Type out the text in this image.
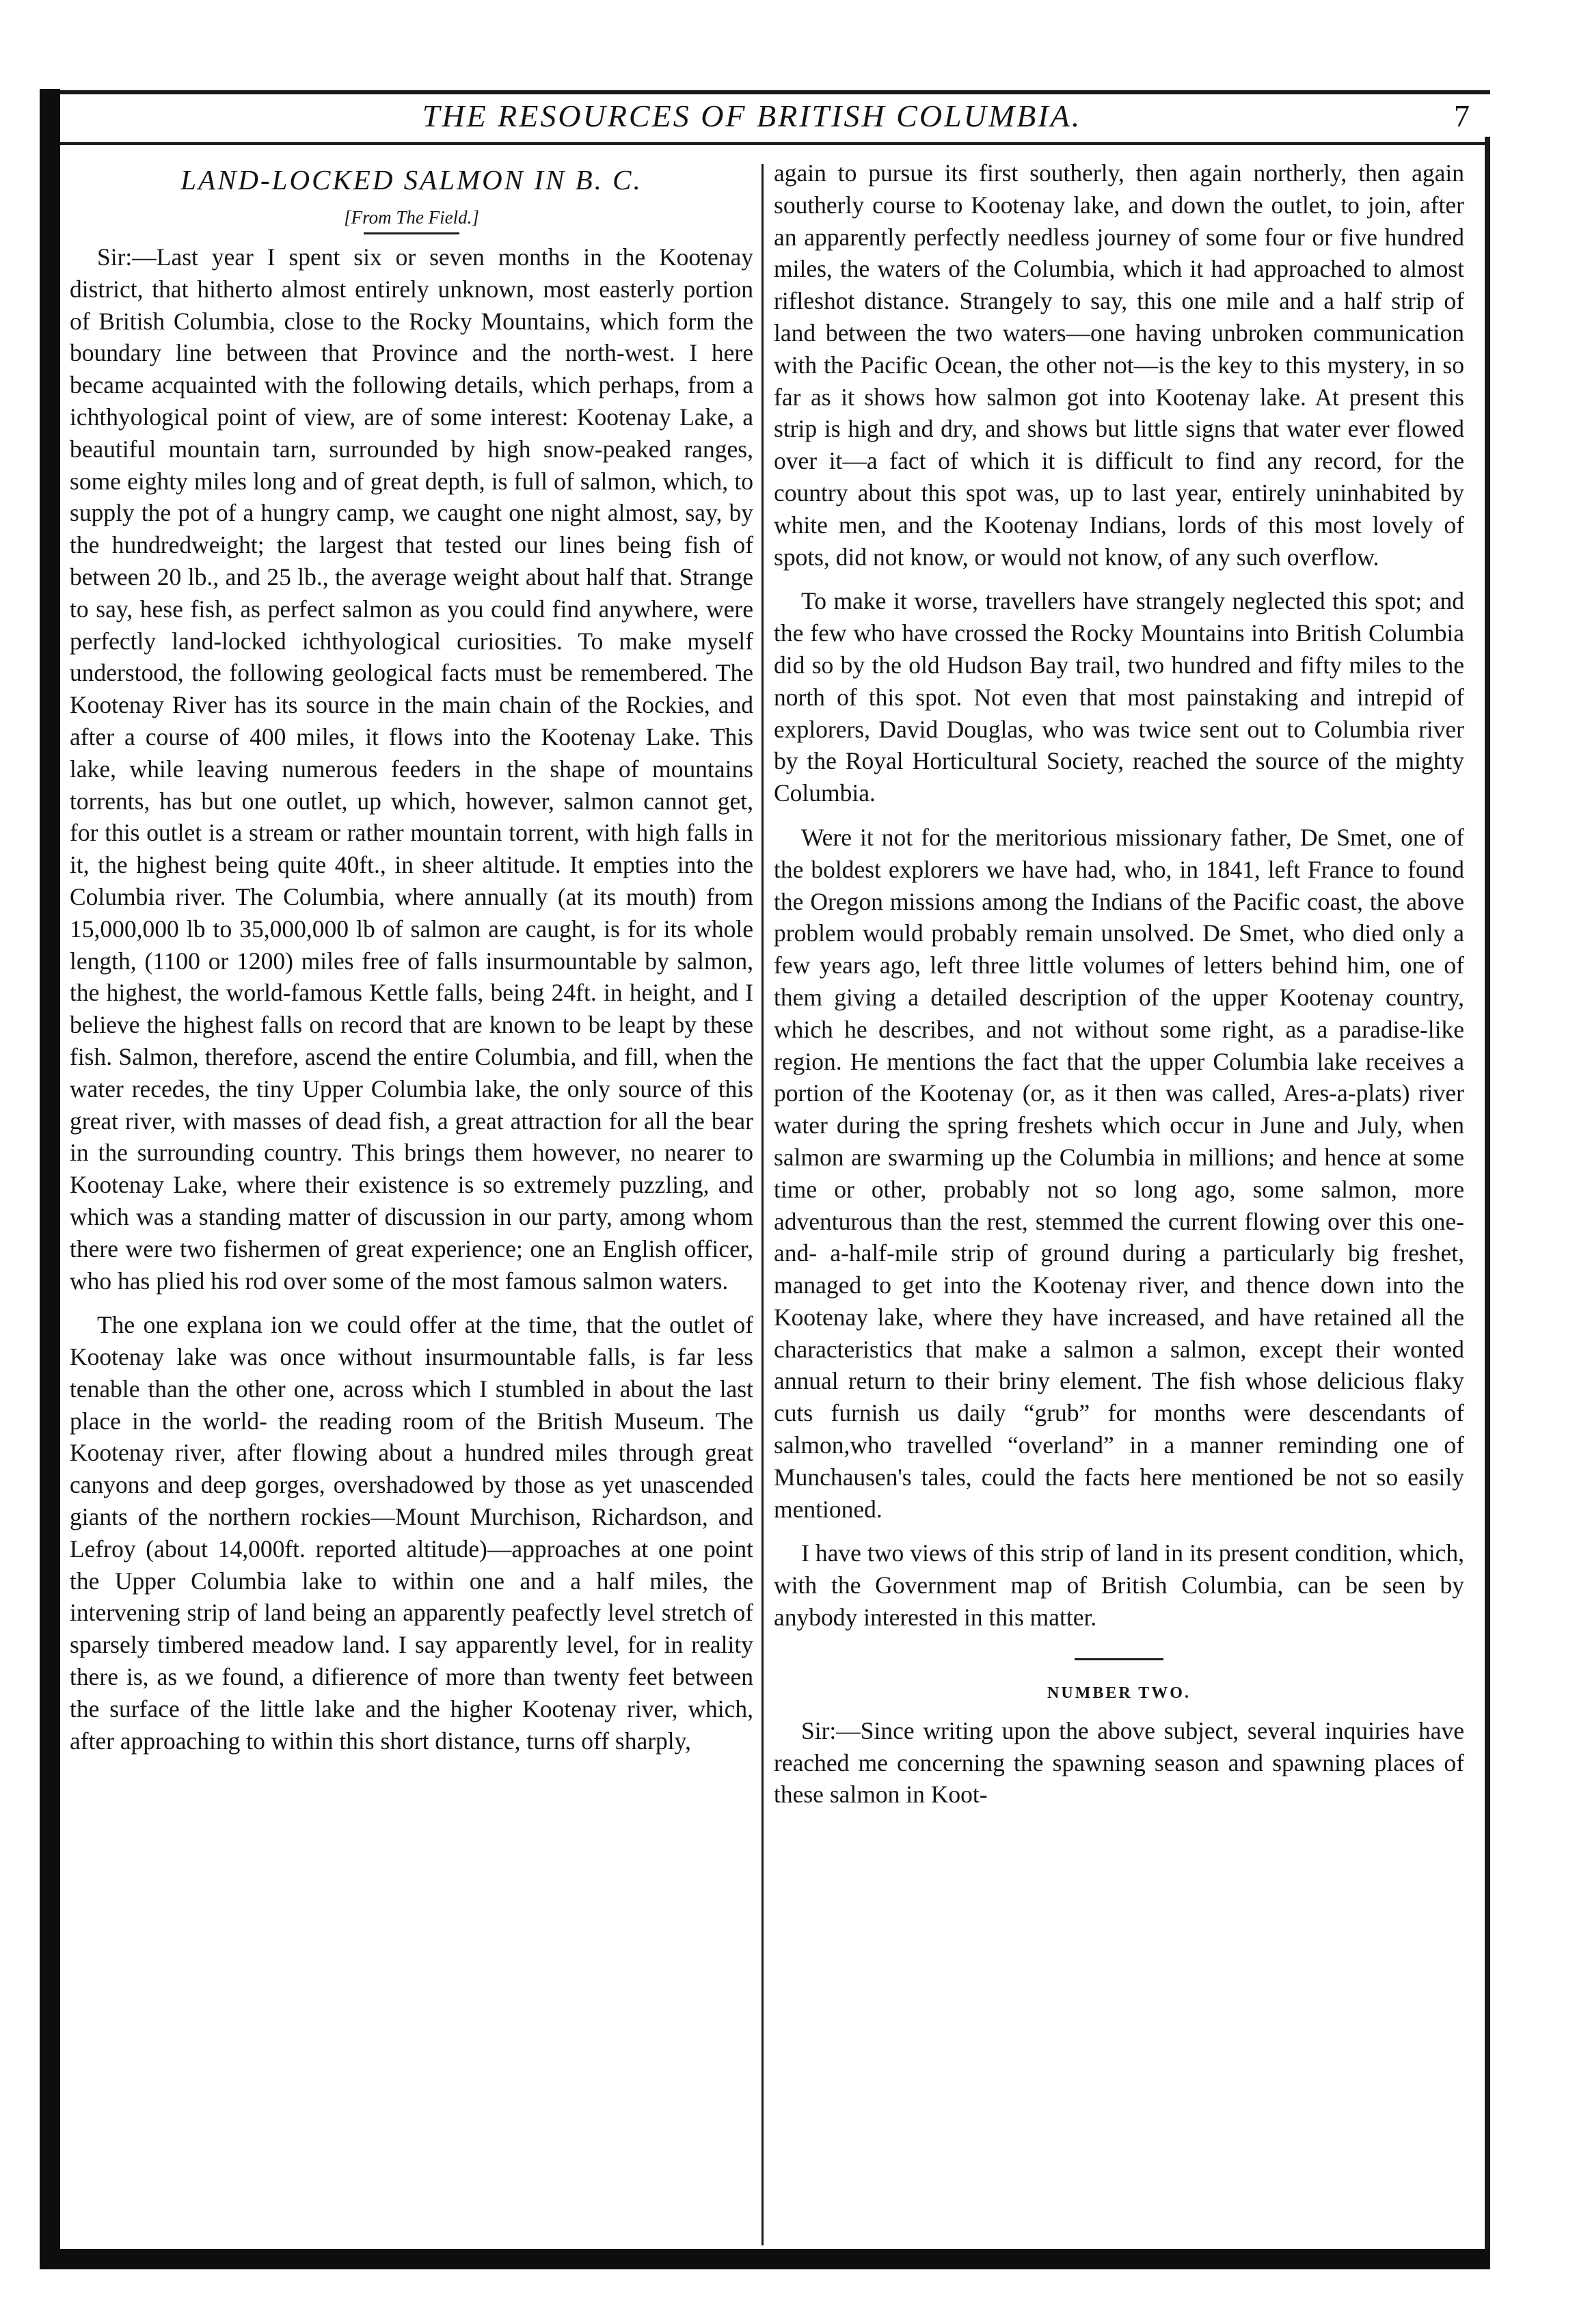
THE RESOURCES OF BRITISH COLUMBIA.	7
LAND-LOCKED SALMON IN B. C.
[From The Field.]

Sir:—Last year I spent six or seven months in the Kootenay district, that hitherto almost entirely unknown, most easterly portion of British Columbia, close to the Rocky Mountains, which form the boundary line between that Province and the north-west. I here became acquainted with the following details, which perhaps, from a ichthyological point of view, are of some interest: Kootenay Lake, a beautiful mountain tarn, surrounded by high snow-peaked ranges, some eighty miles long and of great depth, is full of salmon, which, to supply the pot of a hungry camp, we caught one night almost, say, by the hundredweight; the largest that tested our lines being fish of between 20 lb., and 25 lb., the average weight about half that. Strange to say, hese fish, as perfect salmon as you could find anywhere, were perfectly land-locked ichthyological curiosities. To make myself understood, the following geological facts must be remembered. The Kootenay River has its source in the main chain of the Rockies, and after a course of 400 miles, it flows into the Kootenay Lake. This lake, while leaving numerous feeders in the shape of mountains torrents, has but one outlet, up which, however, salmon cannot get, for this outlet is a stream or rather mountain torrent, with high falls in it, the highest being quite 40ft., in sheer altitude. It empties into the Columbia river. The Columbia, where annually (at its mouth) from 15,000,000 lb to 35,000,000 lb of salmon are caught, is for its whole length, (1100 or 1200) miles free of falls insurmountable by salmon, the highest, the world-famous Kettle falls, being 24ft. in height, and I believe the highest falls on record that are known to be leapt by these fish. Salmon, therefore, ascend the entire Columbia, and fill, when the water recedes, the tiny Upper Columbia lake, the only source of this great river, with masses of dead fish, a great attraction for all the bear in the surrounding country. This brings them however, no nearer to Kootenay Lake, where their existence is so extremely puzzling, and which was a standing matter of discussion in our party, among whom there were two fishermen of great experience; one an English officer, who has plied his rod over some of the most famous salmon waters.

The one explana ion we could offer at the time, that the outlet of Kootenay lake was once without insurmountable falls, is far less tenable than the other one, across which I stumbled in about the last place in the world- the reading room of the British Museum. The Kootenay river, after flowing about a hundred miles through great canyons and deep gorges, overshadowed by those as yet unascended giants of the northern rockies—Mount Murchison, Richardson, and Lefroy (about 14,000ft. reported altitude)—approaches at one point the Upper Columbia lake to within one and a half miles, the intervening strip of land being an apparently peafectly level stretch of sparsely timbered meadow land. I say apparently level, for in reality there is, as we found, a difierence of more than twenty feet between the surface of the little lake and the higher Kootenay river, which, after approaching to within this short distance, turns off sharply,

again to pursue its first southerly, then again northerly, then again southerly course to Kootenay lake, and down the outlet, to join, after an apparently perfectly needless journey of some four or five hundred miles, the waters of the Columbia, which it had approached to almost rifleshot distance. Strangely to say, this one mile and a half strip of land between the two waters—one having unbroken communication with the Pacific Ocean, the other not—is the key to this mystery, in so far as it shows how salmon got into Kootenay lake. At present this strip is high and dry, and shows but little signs that water ever flowed over it—a fact of which it is difficult to find any record, for the country about this spot was, up to last year, entirely uninhabited by white men, and the Kootenay Indians, lords of this most lovely of spots, did not know, or would not know, of any such overflow.

To make it worse, travellers have strangely neglected this spot; and the few who have crossed the Rocky Mountains into British Columbia did so by the old Hudson Bay trail, two hundred and fifty miles to the north of this spot. Not even that most painstaking and intrepid of explorers, David Douglas, who was twice sent out to Columbia river by the Royal Horticultural Society, reached the source of the mighty Columbia.

Were it not for the meritorious missionary father, De Smet, one of the boldest explorers we have had, who, in 1841, left France to found the Oregon missions among the Indians of the Pacific coast, the above problem would probably remain unsolved. De Smet, who died only a few years ago, left three little volumes of letters behind him, one of them giving a detailed description of the upper Kootenay country, which he describes, and not without some right, as a paradise-like region. He mentions the fact that the upper Columbia lake receives a portion of the Kootenay (or, as it then was called, Ares-a-plats) river water during the spring freshets which occur in June and July, when salmon are swarming up the Columbia in millions; and hence at some time or other, probably not so long ago, some salmon, more adventurous than the rest, stemmed the current flowing over this one-and- a-half-mile strip of ground during a particularly big freshet, managed to get into the Kootenay river, and thence down into the Kootenay lake, where they have increased, and have retained all the characteristics that make a salmon a salmon, except their wonted annual return to their briny element. The fish whose delicious flaky cuts furnish us daily “grub” for months were descendants of salmon,who travelled “overland” in a manner reminding one of Munchausen's tales, could the facts here mentioned be not so easily mentioned.

I have two views of this strip of land in its present condition, which, with the Government map of British Columbia, can be seen by anybody interested in this matter.

NUMBER TWO.

Sir:—Since writing upon the above subject, several inquiries have reached me concerning the spawning season and spawning places of these salmon in Koot-
